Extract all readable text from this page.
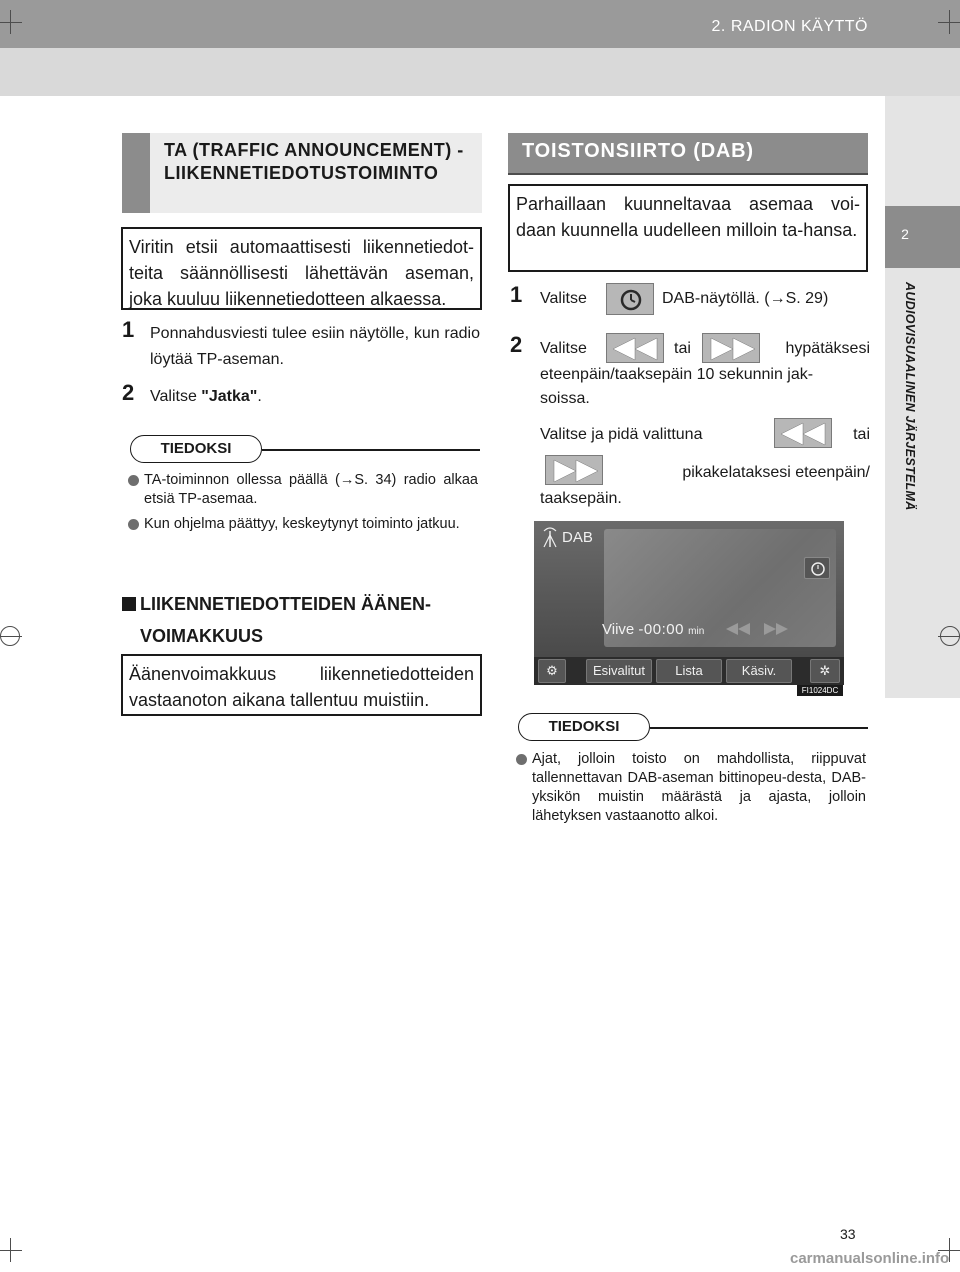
2. RADION KÄYTTÖ
2
AUDIOVISUAALINEN JÄRJESTELMÄ
TA (TRAFFIC ANNOUNCEMENT) - LIIKENNETIEDOTUSTOIMINTO
Viritin etsii automaattisesti liikennetiedot-teita säännöllisesti lähettävän aseman, joka kuuluu liikennetiedotteen alkaessa.
1 Ponnahdusviesti tulee esiin näytölle, kun radio löytää TP-aseman.
2 Valitse "Jatka".
TIEDOKSI
TA-toiminnon ollessa päällä (→S. 34) radio alkaa etsiä TP-asemaa.
Kun ohjelma päättyy, keskeytynyt toiminto jatkuu.
LIIKENNETIEDOTTEIDEN ÄÄNEN-
VOIMAKKUUS
Äänenvoimakkuus liikennetiedotteiden vastaanoton aikana tallentuu muistiin.
TOISTONSIIRTO (DAB)
Parhaillaan kuunneltavaa asemaa voi-daan kuunnella uudelleen milloin ta-hansa.
1 Valitse	DAB-näytöllä. (→S. 29)
2 Valitse	tai	hypätäksesi
eteenpäin/taaksepäin 10 sekunnin jak-
soissa.
Valitse ja pidä valittuna	tai
pikakelataksesi eteenpäin/
taaksepäin.
DAB
Viive -00:00 min
⚙	Esivalitut	Lista	Käsiv.	✲
FI1024DC
TIEDOKSI
Ajat, jolloin toisto on mahdollista, riippuvat tallennettavan DAB-aseman bittinopeu-desta, DAB-yksikön muistin määrästä ja ajasta, jolloin lähetyksen vastaanotto alkoi.
33
carmanualsonline.info
